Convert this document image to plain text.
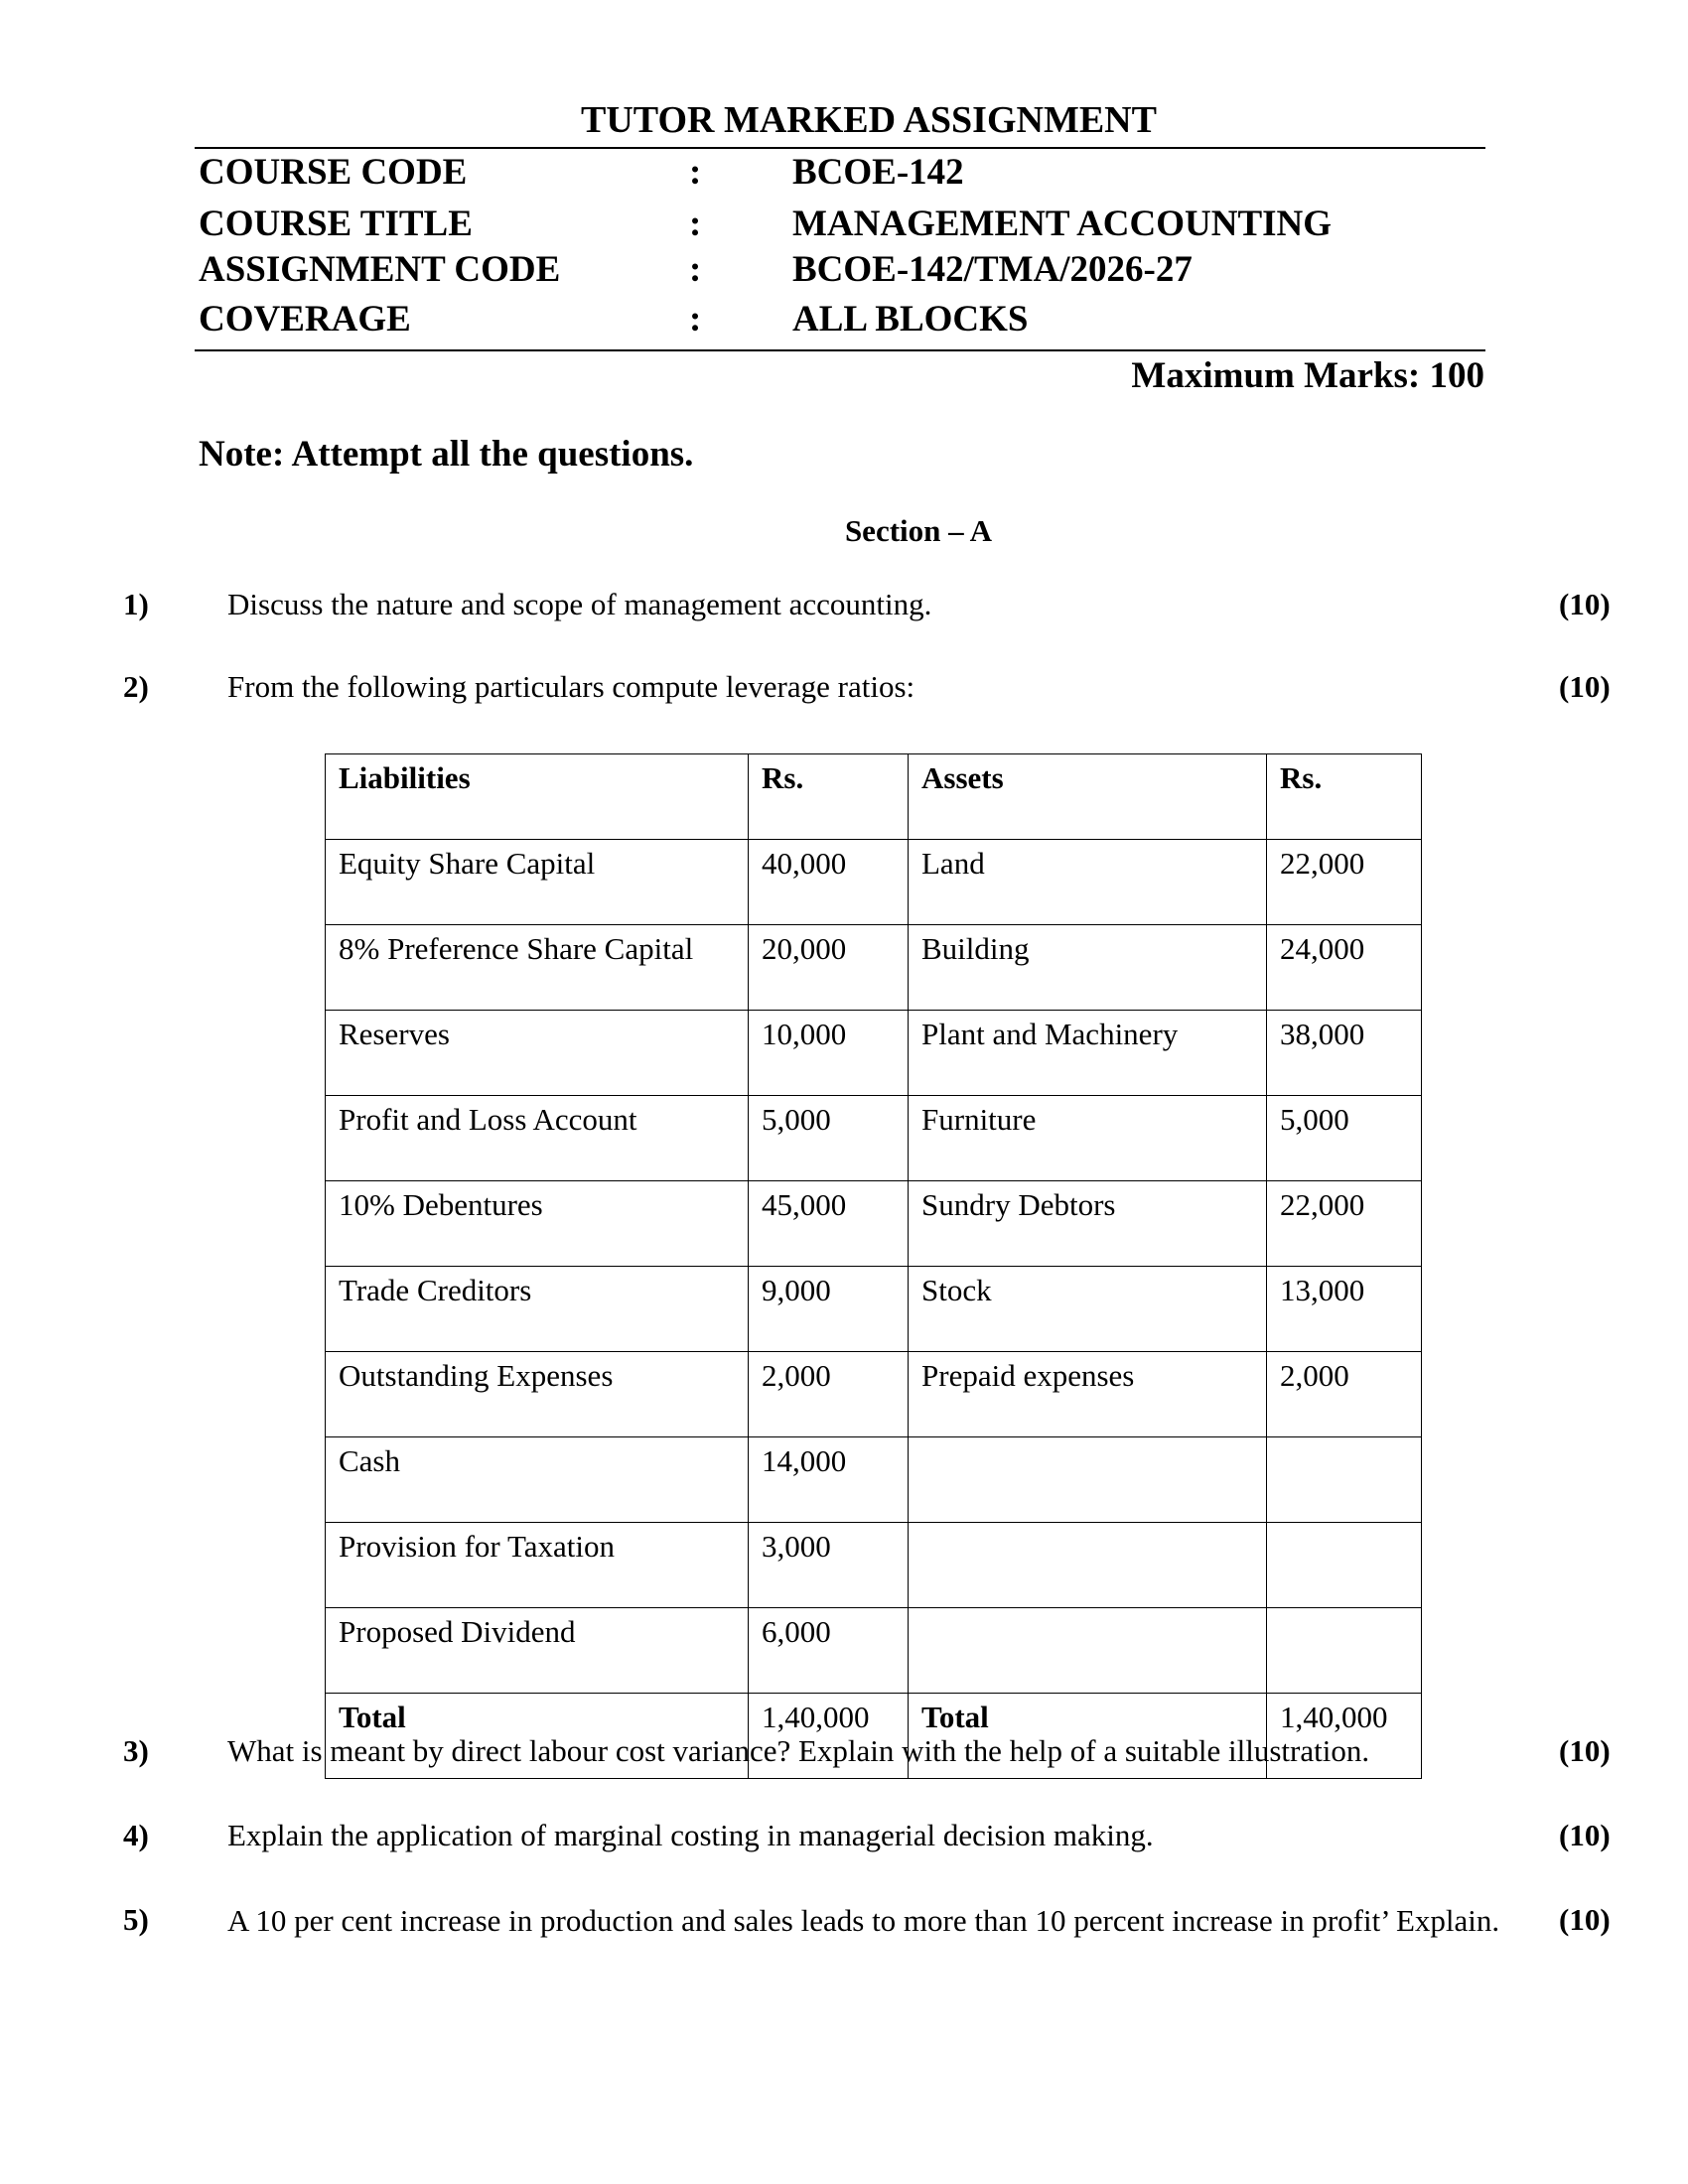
TUTOR MARKED ASSIGNMENT
COURSE CODE	: BCOE-142
COURSE TITLE	: MANAGEMENT ACCOUNTING
ASSIGNMENT CODE	: BCOE-142/TMA/2026-27
COVERAGE	: ALL BLOCKS
Maximum Marks: 100
Note: Attempt all the questions.
Section – A
1)	Discuss the nature and scope of management accounting.	(10)
2)	From the following particulars compute leverage ratios:	(10)
Liabilities	Rs.	Assets	Rs.
Equity Share Capital	40,000	Land	22,000
8% Preference Share Capital	20,000	Building	24,000
Reserves	10,000	Plant and Machinery	38,000
Profit and Loss Account	5,000	Furniture	5,000
10% Debentures	45,000	Sundry Debtors	22,000
Trade Creditors	9,000	Stock	13,000
Outstanding Expenses	2,000	Prepaid expenses	2,000
Cash	14,000		
Provision for Taxation	3,000		
Proposed Dividend	6,000		
Total	1,40,000	Total	1,40,000
3)	What is meant by direct labour cost variance? Explain with the help of a suitable illustration.	(10)
4)	Explain the application of marginal costing in managerial decision making.	(10)
5)	A 10 per cent increase in production and sales leads to more than 10 percent increase in profit’ Explain.	(10)
